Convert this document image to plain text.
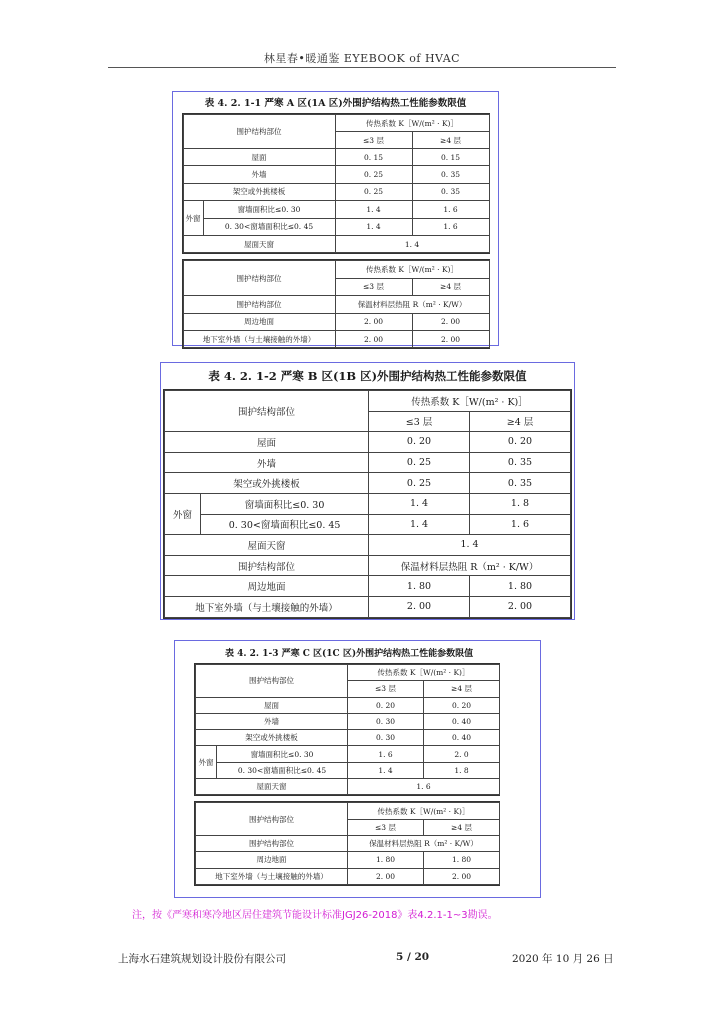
林星春•暖通鉴 EYEBOOK of HVAC
表 4. 2. 1-1 严寒 A 区(1A 区)外围护结构热工性能参数限值
围护结构部位		传热系数 K［W/(m² · K)］	
		≤3 层	≥4 层
屋面		0. 15	0. 15
外墙		0. 25	0. 35
架空或外挑楼板		0. 25	0. 35
外窗	窗墙面积比≤0. 30	1. 4	1. 6
	0. 30<窗墙面积比≤0. 45	1. 4	1. 6
屋面天窗		1. 4	
围护结构部位	传热系数 K［W/(m² · K)］	
	≤3 层	≥4 层
围护结构部位	保温材料层热阻 R（m² · K/W）	
周边地面	2. 00	2. 00
地下室外墙（与土壤接触的外墙）	2. 00	2. 00
表 4. 2. 1-2 严寒 B 区(1B 区)外围护结构热工性能参数限值
围护结构部位		传热系数 K［W/(m² · K)］	
		≤3 层	≥4 层
屋面		0. 20	0. 20
外墙		0. 25	0. 35
架空或外挑楼板		0. 25	0. 35
外窗	窗墙面积比≤0. 30	1. 4	1. 8
	0. 30<窗墙面积比≤0. 45	1. 4	1. 6
屋面天窗		1. 4	
围护结构部位		保温材料层热阻 R（m² · K/W）	
周边地面		1. 80	1. 80
地下室外墙（与土壤接触的外墙）		2. 00	2. 00
表 4. 2. 1-3 严寒 C 区(1C 区)外围护结构热工性能参数限值
围护结构部位		传热系数 K［W/(m² · K)］	
		≤3 层	≥4 层
屋面		0. 20	0. 20
外墙		0. 30	0. 40
架空或外挑楼板		0. 30	0. 40
外窗	窗墙面积比≤0. 30	1. 6	2. 0
	0. 30<窗墙面积比≤0. 45	1. 4	1. 8
屋面天窗		1. 6	
围护结构部位	传热系数 K［W/(m² · K)］	
	≤3 层	≥4 层
围护结构部位	保温材料层热阻 R（m² · K/W）	
周边地面	1. 80	1. 80
地下室外墙（与土壤接触的外墙）	2. 00	2. 00
注，按《严寒和寒冷地区居住建筑节能设计标准JGJ26-2018》表4.2.1-1~3勘误。
上海水石建筑规划设计股份有限公司	5 / 20	2020 年 10 月 26 日
